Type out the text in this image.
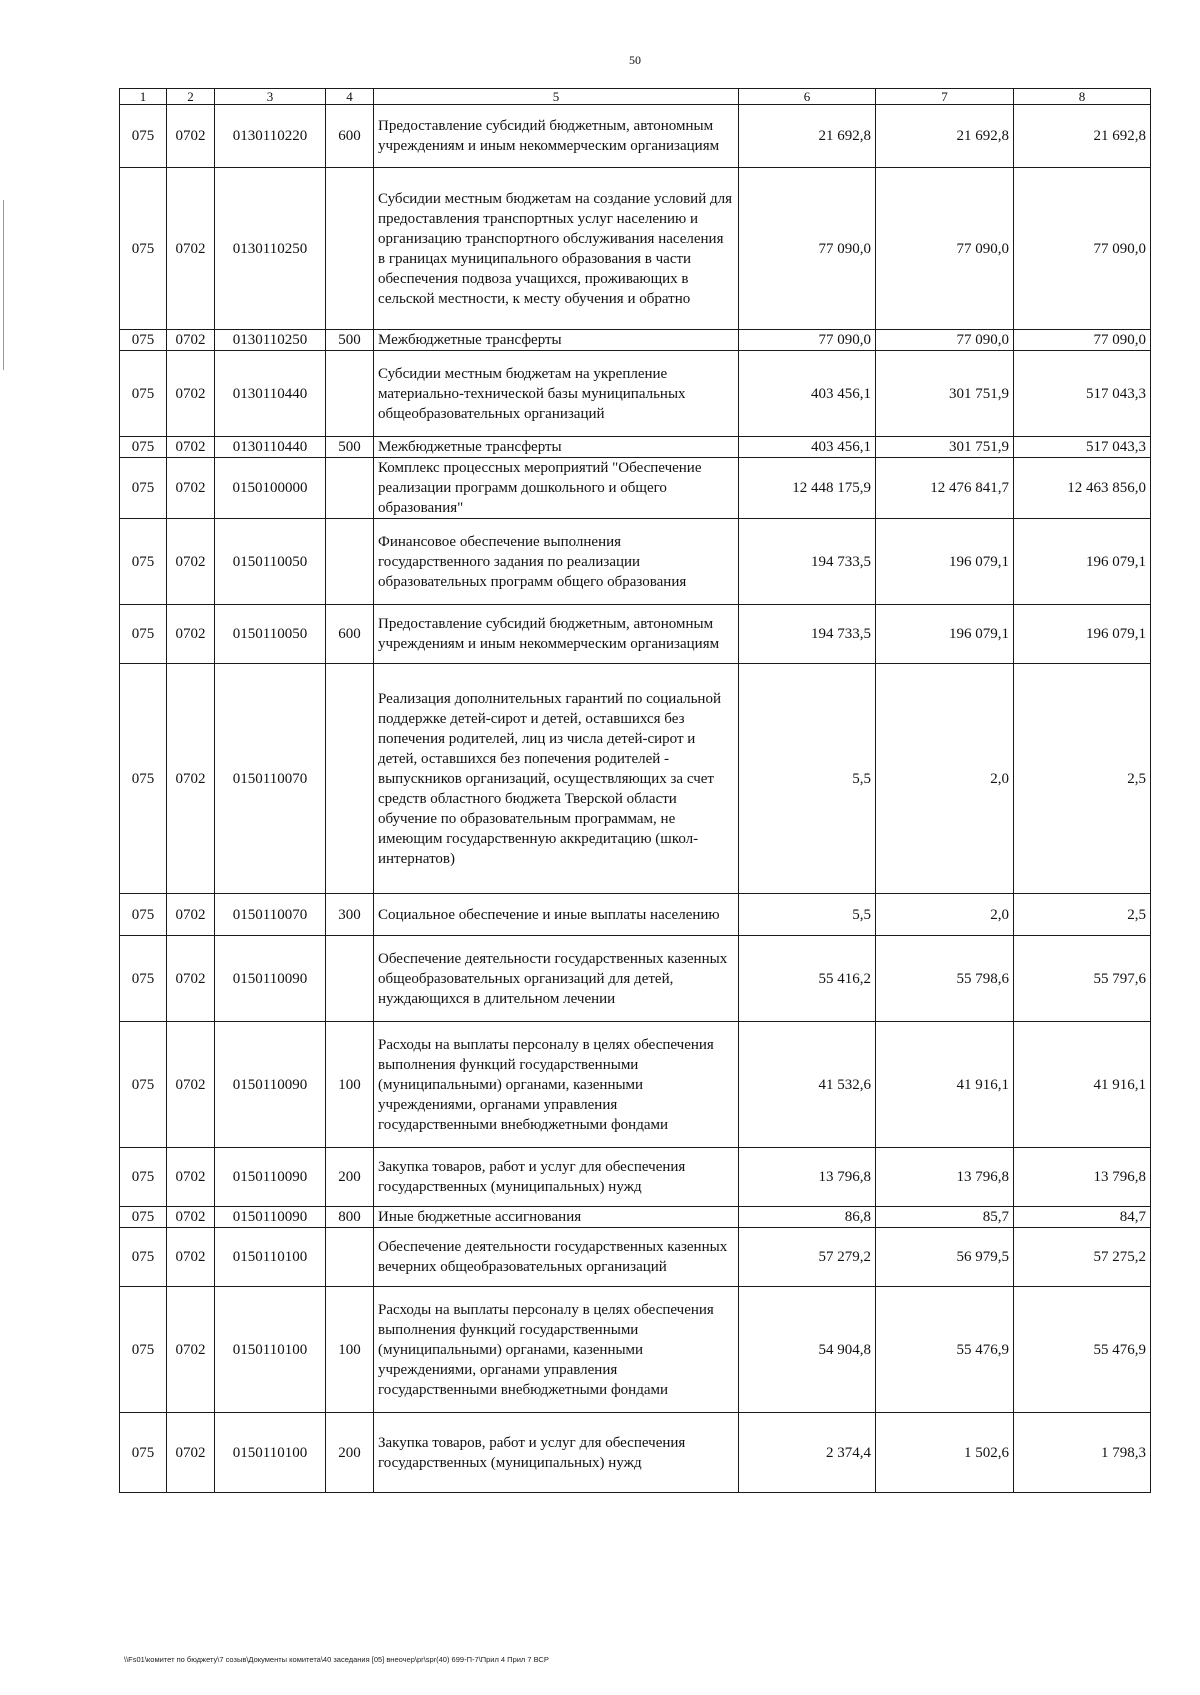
50
1	2	3	4	5	6	7	8
075	0702	0130110220	600	Предоставление субсидий бюджетным, автономным учреждениям и иным некоммерческим организациям	21 692,8	21 692,8	21 692,8
075	0702	0130110250		Субсидии местным бюджетам на создание условий для предоставления транспортных услуг населению и организацию транспортного обслуживания населения в границах муниципального образования в части обеспечения подвоза учащихся, проживающих в сельской местности, к месту обучения и обратно	77 090,0	77 090,0	77 090,0
075	0702	0130110250	500	Межбюджетные трансферты	77 090,0	77 090,0	77 090,0
075	0702	0130110440		Субсидии местным бюджетам на укрепление материально-технической базы муниципальных общеобразовательных организаций	403 456,1	301 751,9	517 043,3
075	0702	0130110440	500	Межбюджетные трансферты	403 456,1	301 751,9	517 043,3
075	0702	0150100000		Комплекс процессных мероприятий "Обеспечение реализации программ дошкольного и общего образования"	12 448 175,9	12 476 841,7	12 463 856,0
075	0702	0150110050		Финансовое обеспечение выполнения государственного задания по реализации образовательных программ общего образования	194 733,5	196 079,1	196 079,1
075	0702	0150110050	600	Предоставление субсидий бюджетным, автономным учреждениям и иным некоммерческим организациям	194 733,5	196 079,1	196 079,1
075	0702	0150110070		Реализация дополнительных гарантий по социальной поддержке детей-сирот и детей, оставшихся без попечения родителей, лиц из числа детей-сирот и детей, оставшихся без попечения родителей - выпускников организаций, осуществляющих за счет средств областного бюджета Тверской области обучение по образовательным программам, не имеющим государственную аккредитацию (школ-интернатов)	5,5	2,0	2,5
075	0702	0150110070	300	Социальное обеспечение и иные выплаты населению	5,5	2,0	2,5
075	0702	0150110090		Обеспечение деятельности государственных казенных общеобразовательных организаций для детей, нуждающихся в длительном лечении	55 416,2	55 798,6	55 797,6
075	0702	0150110090	100	Расходы на выплаты персоналу в целях обеспечения выполнения функций государственными (муниципальными) органами, казенными учреждениями, органами управления государственными внебюджетными фондами	41 532,6	41 916,1	41 916,1
075	0702	0150110090	200	Закупка товаров, работ и услуг для обеспечения государственных (муниципальных) нужд	13 796,8	13 796,8	13 796,8
075	0702	0150110090	800	Иные бюджетные ассигнования	86,8	85,7	84,7
075	0702	0150110100		Обеспечение деятельности государственных казенных вечерних общеобразовательных организаций	57 279,2	56 979,5	57 275,2
075	0702	0150110100	100	Расходы на выплаты персоналу в целях обеспечения выполнения функций государственными (муниципальными) органами, казенными учреждениями, органами управления государственными внебюджетными фондами	54 904,8	55 476,9	55 476,9
075	0702	0150110100	200	Закупка товаров, работ и услуг для обеспечения государственных (муниципальных) нужд	2 374,4	1 502,6	1 798,3
\\Fs01\комитет по бюджету\7 созыв\Документы комитета\40 заседания [05] внеочер\pr\spr(40) 699-П-7\Прил 4 Прил 7 ВСР
